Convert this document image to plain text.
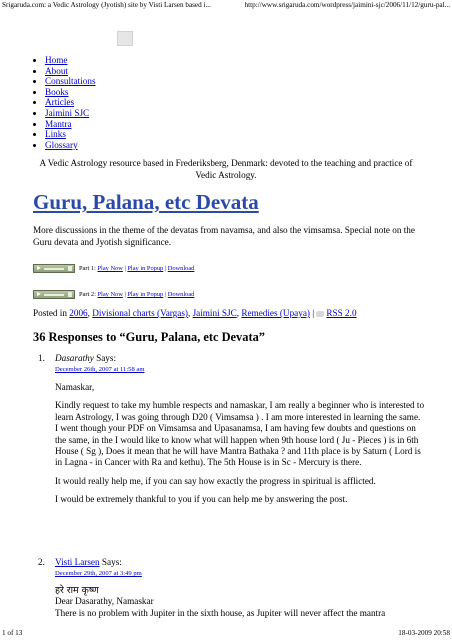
Srigaruda.com: a Vedic Astrology (Jyotish) site by Visti Larsen based i...	http://www.srigaruda.com/wordpress/jaimini-sjc/2006/11/12/guru-pal...
• Home
• About
• Consultations
• Books
• Articles
• Jaimini SJC
• Mantra
• Links
• Glossary
A Vedic Astrology resource based in Frederiksberg, Denmark: devoted to the teaching and practice of Vedic Astrology.
Guru, Palana, etc Devata
More discussions in the theme of the devatas from navamsa, and also the vimsamsa. Special note on the Guru devata and Jyotish significance.
Part 1:
Play Now
|
Play in Popup
|
Download
Part 2:
Play Now
|
Play in Popup
|
Download
Posted in 2006, Divisional charts (Vargas), Jaimini SJC, Remedies (Upaya) | RSS 2.0
36 Responses to “Guru, Palana, etc Devata”
1. Dasarathy Says:
December 26th, 2007 at 11:58 am

Namaskar,

Kindly request to take my humble respects and namaskar, I am really a beginner who is interested to learn Astrology, I was going through D20 ( Vimsamsa ) . I am more interested in learning the same.
I went though your PDF on Vimsamsa and Upasanamsa, I am having few doubts and questions on the same, in the I would like to know what will happen when 9th house lord ( Ju - Pieces ) is in 6th House ( Sg ), Does it mean that he will have Mantra Bathaka ? and 11th place is by Saturn ( Lord is in Lagna - in Cancer with Ra and kethu). The 5th House is in Sc - Mercury is there.

It would really help me, if you can say how exactly the progress in spiritual is afflicted.

I would be extremely thankful to you if you can help me by answering the post.

2. Visti Larsen Says:
December 29th, 2007 at 3:49 pm
हरे राम कृष्ण
Dear Dasarathy, Namaskar
There is no problem with Jupiter in the sixth house, as Jupiter will never affect the mantra
1 of 13	18-03-2009 20:58
